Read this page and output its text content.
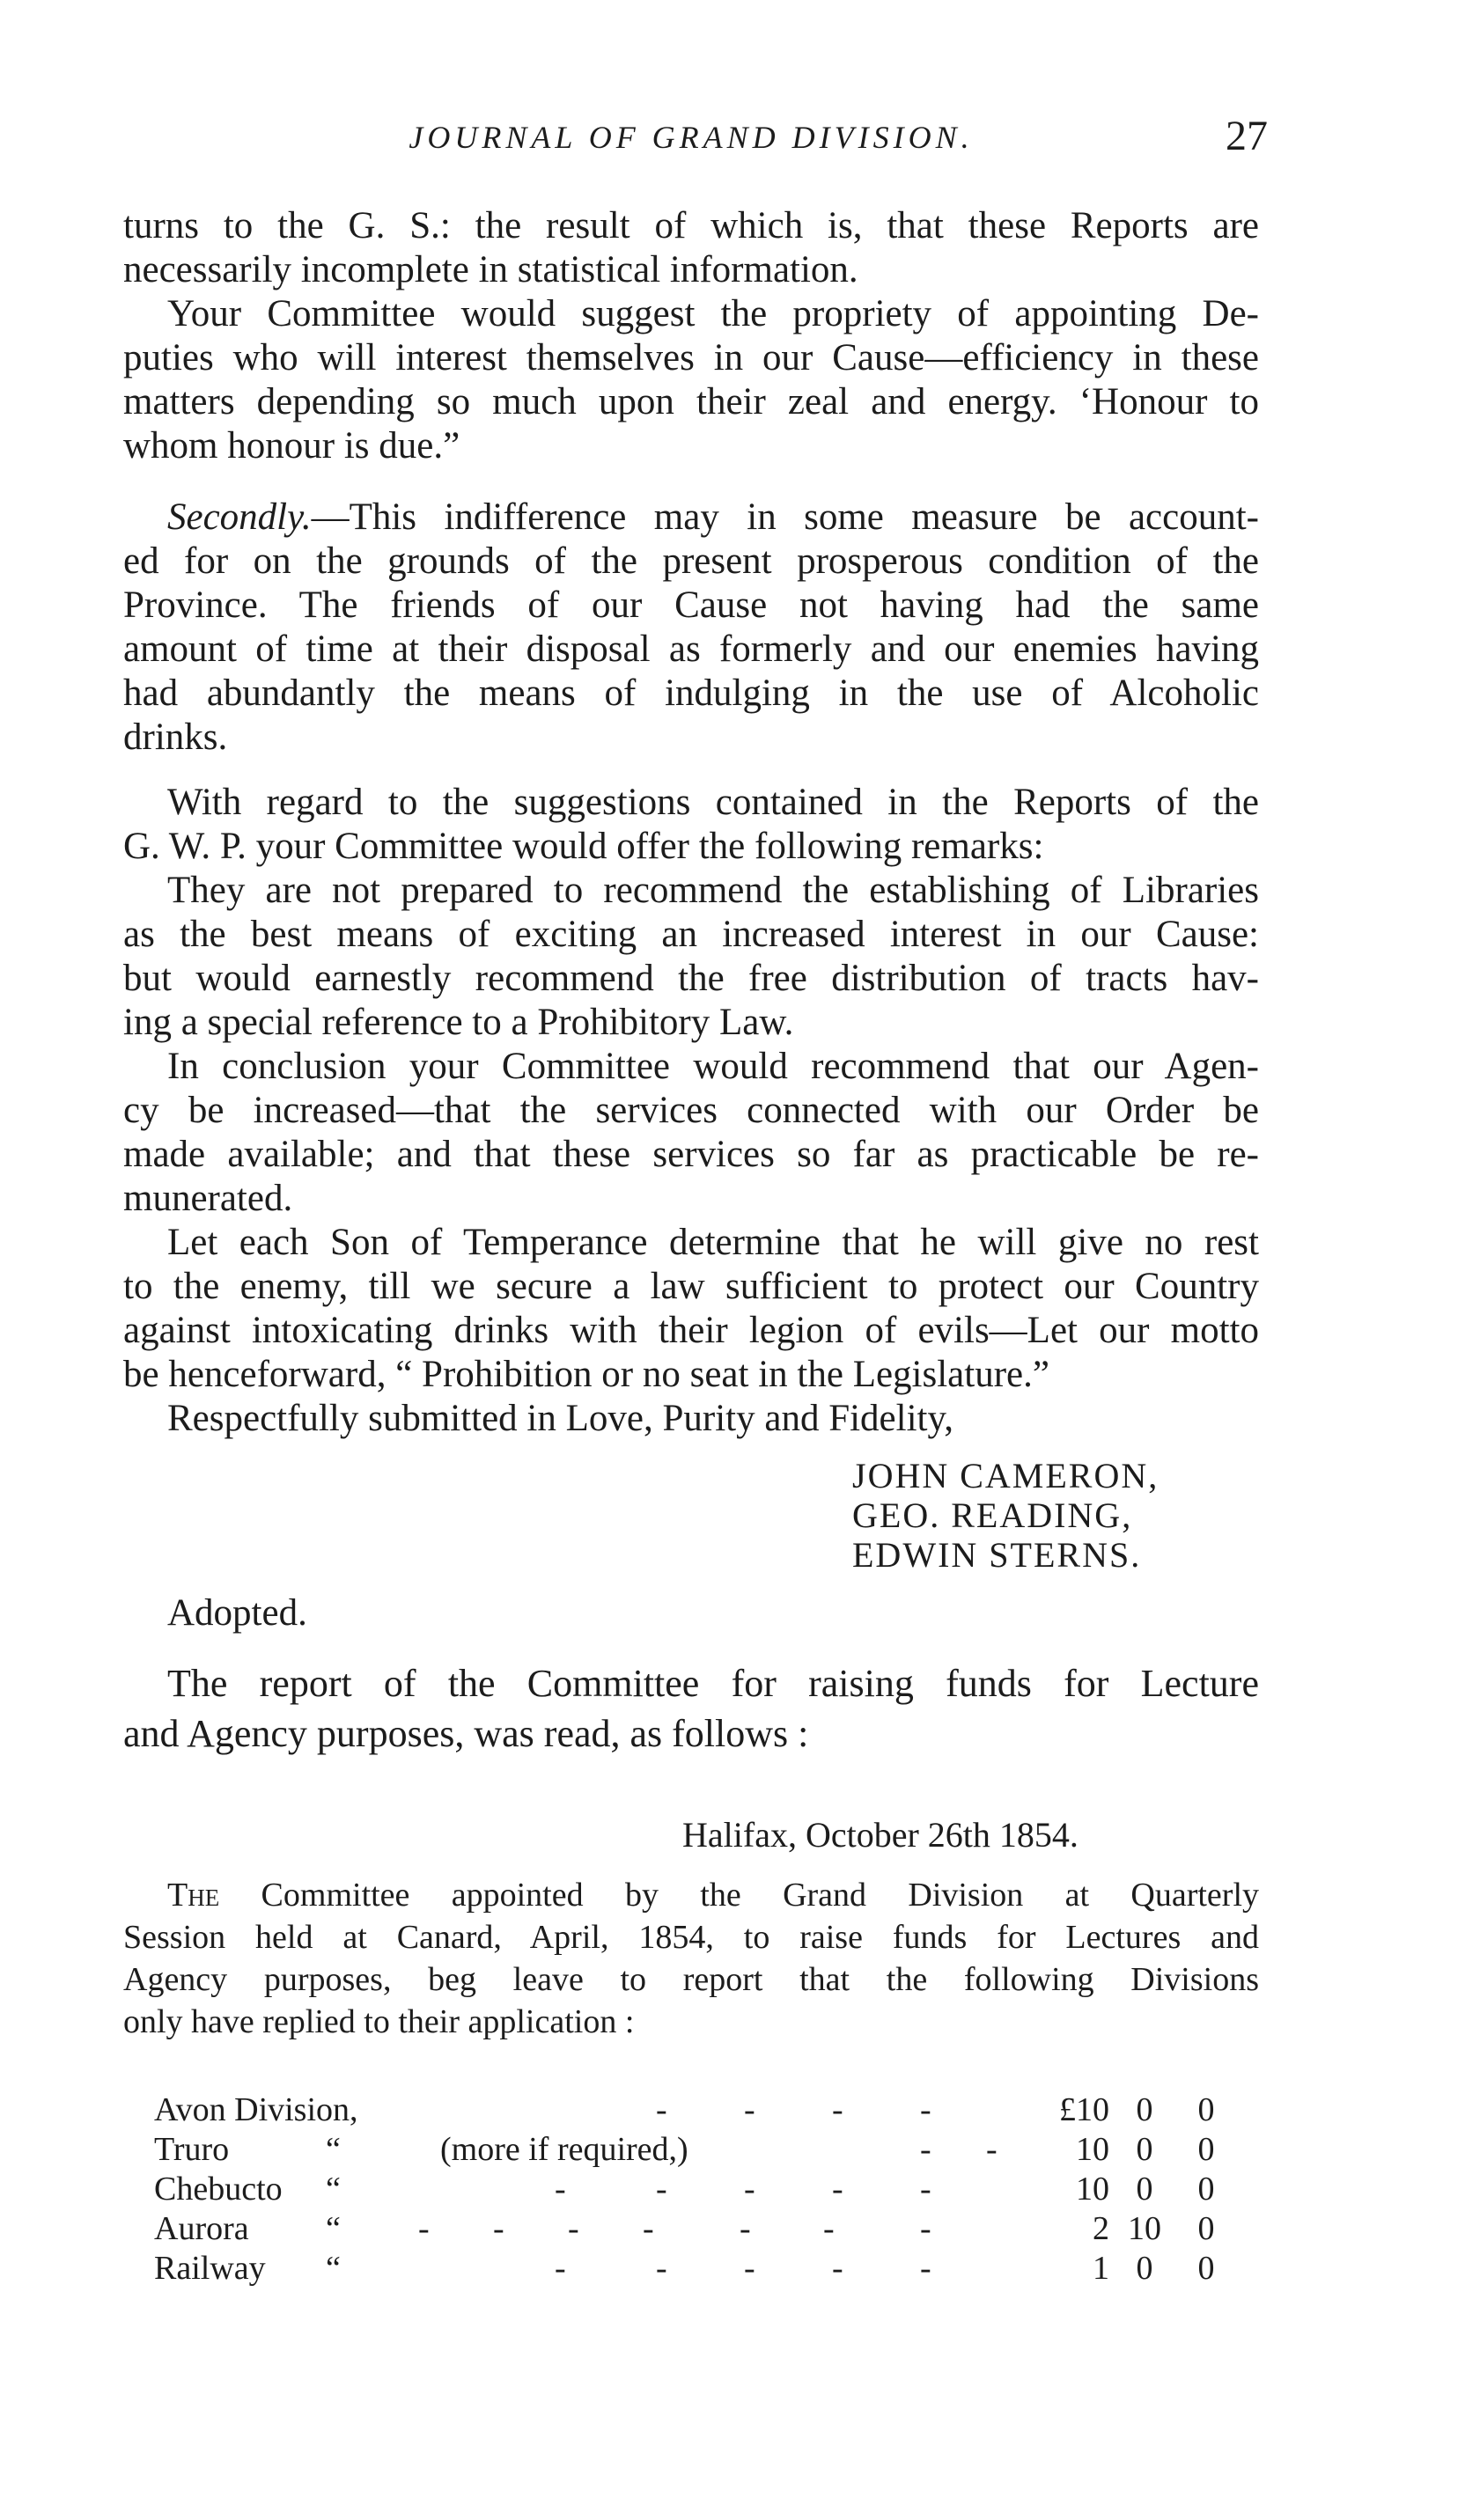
JOURNAL OF GRAND DIVISION.	27
turns to the G. S.: the result of which is, that these Reports are
necessarily incomplete in statistical information.
Your Committee would suggest the propriety of appointing De-
puties who will interest themselves in our Cause—efficiency in these
matters depending so much upon their zeal and energy. ‘Honour to
whom honour is due.”
Secondly. —This indifference may in some measure be account-
ed for on the grounds of the present prosperous condition of the
Province. The friends of our Cause not having had the same
amount of time at their disposal as formerly and our enemies having
had abundantly the means of indulging in the use of Alcoholic
drinks.
With regard to the suggestions contained in the Reports of the
G. W. P. your Committee would offer the following remarks:
They are not prepared to recommend the establishing of Libraries
as the best means of exciting an increased interest in our Cause:
but would earnestly recommend the free distribution of tracts hav-
ing a special reference to a Prohibitory Law.
In conclusion your Committee would recommend that our Agen-
cy be increased—that the services connected with our Order be
made available; and that these services so far as practicable be re-
munerated.
Let each Son of Temperance determine that he will give no rest
to the enemy, till we secure a law sufficient to protect our Country
against intoxicating drinks with their legion of evils—Let our motto
be henceforward, “ Prohibition or no seat in the Legislature.”
Respectfully submitted in Love, Purity and Fidelity,
JOHN CAMERON,
GEO. READING,
EDWIN STERNS.
Adopted.
The report of the Committee for raising funds for Lecture
and Agency purposes, was read, as follows :
Halifax, October 26th 1854.
The Committee appointed by the Grand Division at Quarterly
Session held at Canard, April, 1854, to raise funds for Lectures and
Agency purposes, beg leave to report that the following Divisions
only have replied to their application :
Avon Division,	- - - -	£10 0 0
Truro	“	(more if required,)	- -	10 0 0
Chebucto “	-	- - - -	10 0 0
Aurora “ - - - -	- -	-	2 10 0
Railway “	-	- - - -	1 0 0
